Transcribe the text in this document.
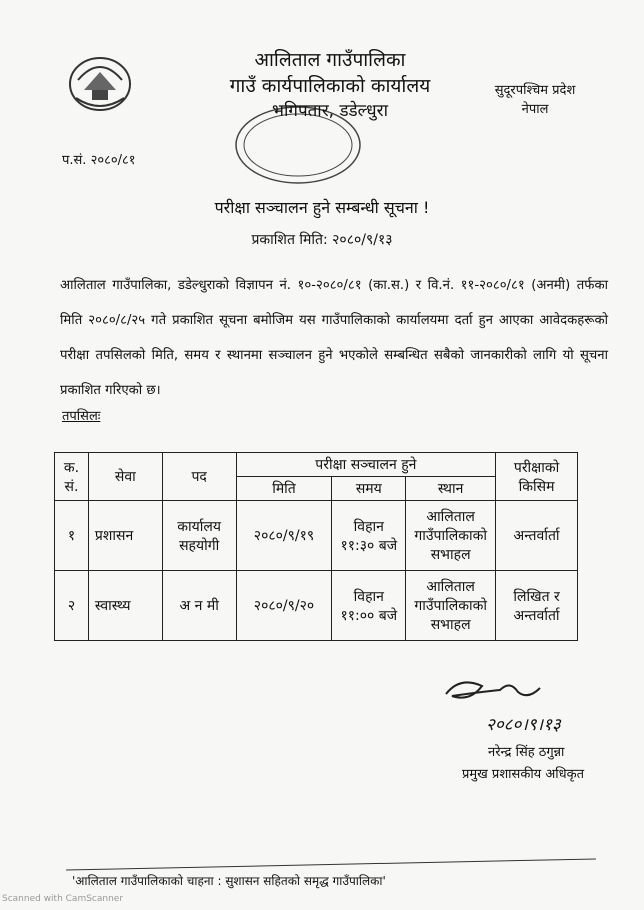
आलिताल गाउँपालिका
गाउँ कार्यपालिकाको कार्यालय
भगिपतार, डडेल्धुरा
सुदूरपश्चिम प्रदेश
नेपाल
प.सं. २०८०/८१
परीक्षा सञ्चालन हुने सम्बन्धी सूचना !
प्रकाशित मिति: २०८०/९/१३
आलिताल गाउँपालिका, डडेल्धुराको विज्ञापन नं. १०-२०८०/८१ (का.स.) र वि.नं. ११-२०८०/८१ (अनमी) तर्फका मिति २०८०/८/२५ गते प्रकाशित सूचना बमोजिम यस गाउँपालिकाको कार्यालयमा दर्ता हुन आएका आवेदकहरूको परीक्षा तपसिलको मिति, समय र स्थानमा सञ्चालन हुने भएकोले सम्बन्धित सबैको जानकारीको लागि यो सूचना प्रकाशित गरिएको छ।
तपसिलः
क. सं.	सेवा	पद	परीक्षा सञ्चालन हुने			परीक्षाको किसिम
			मिति	समय	स्थान	
१	प्रशासन	कार्यालय सहयोगी	२०८०/९/१९	विहान ११:३० बजे	आलिताल गाउँपालिकाको सभाहल	अन्तर्वार्ता
२	स्वास्थ्य	अ न मी	२०८०/९/२०	विहान ११:०० बजे	आलिताल गाउँपालिकाको सभाहल	लिखित र अन्तर्वार्ता
२०८०।९।१३
नरेन्द्र सिंह ठगुन्ना
प्रमुख प्रशासकीय अधिकृत
'आलिताल गाउँपालिकाको चाहना : सुशासन सहितको समृद्ध गाउँपालिका'
Scanned with CamScanner
